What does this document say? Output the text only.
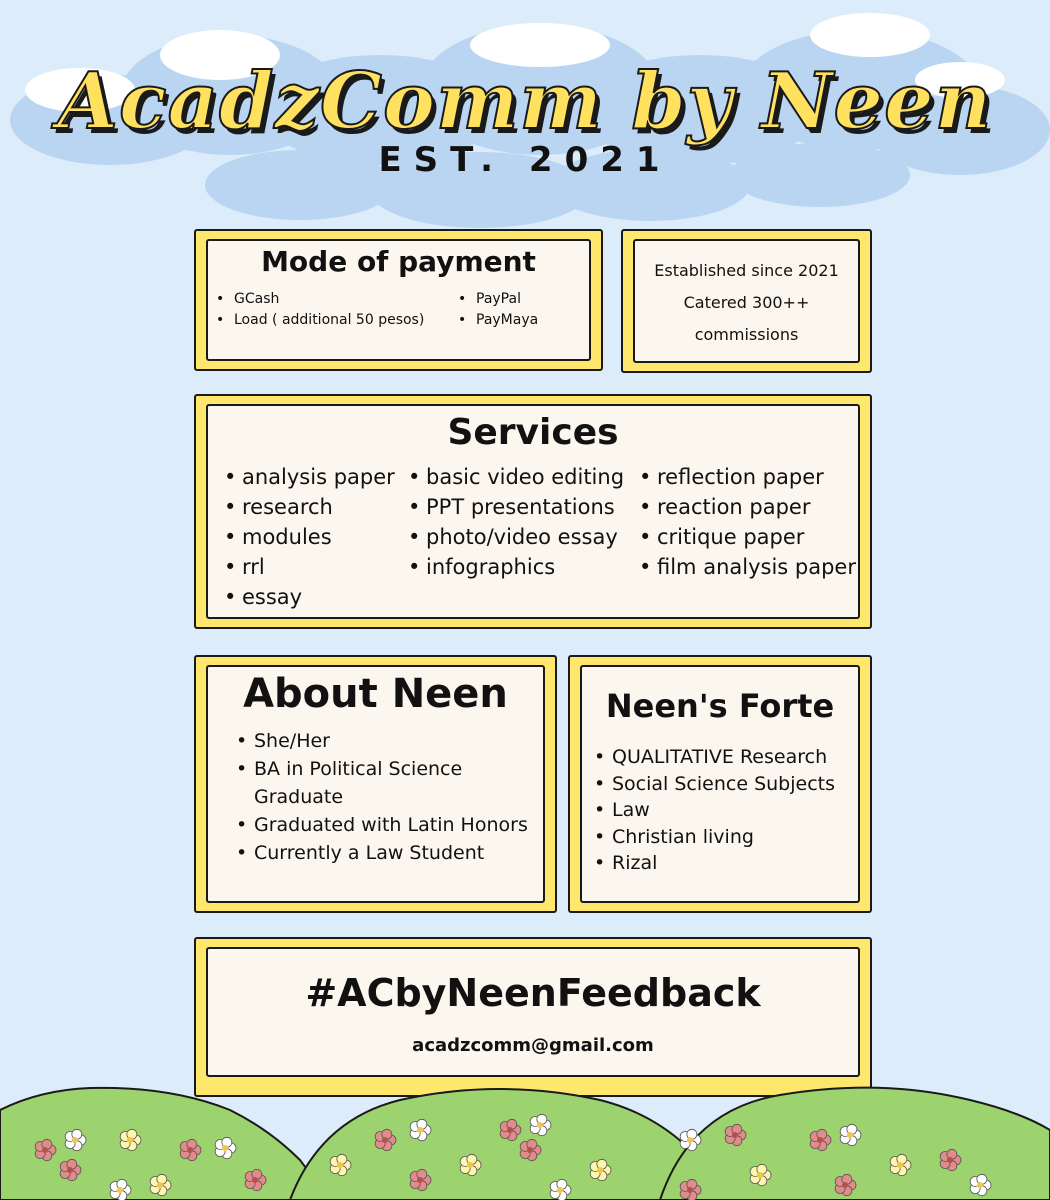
AcadzComm by Neen
EST. 2021
Mode of payment
• GCash
• Load ( additional 50 pesos)
• PayPal
• PayMaya
Established since 2021
Catered 300++
commissions
Services
• analysis paper
• research
• modules
• rrl
• essay
• basic video editing
• PPT presentations
• photo/video essay
• infographics
• reflection paper
• reaction paper
• critique paper
• film analysis paper
About Neen
• She/Her
• BA in Political Science Graduate
• Graduated with Latin Honors
• Currently a Law Student
Neen's Forte
• QUALITATIVE Research
• Social Science Subjects
• Law
• Christian living
• Rizal
#ACbyNeenFeedback
acadzcomm@gmail.com
